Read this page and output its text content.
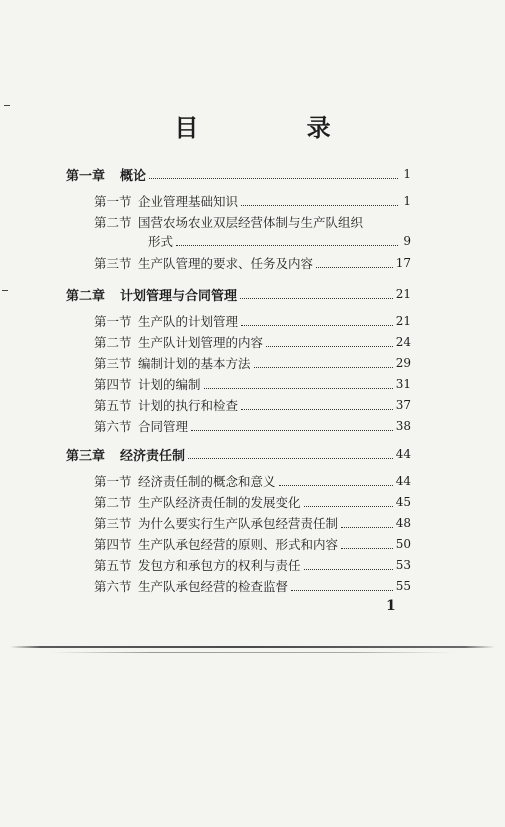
目 录
第一章	概论	1
第一节 企业管理基础知识	1
第二节 国营农场农业双层经营体制与生产队组织
形式	9
第三节 生产队管理的要求、任务及内容	17
第二章	计划管理与合同管理	21
第一节 生产队的计划管理	21
第二节 生产队计划管理的内容	24
第三节 编制计划的基本方法	29
第四节 计划的编制	31
第五节 计划的执行和检查	37
第六节 合同管理	38
第三章	经济责任制	44
第一节 经济责任制的概念和意义	44
第二节 生产队经济责任制的发展变化	45
第三节 为什么要实行生产队承包经营责任制	48
第四节 生产队承包经营的原则、形式和内容	50
第五节 发包方和承包方的权利与责任	53
第六节 生产队承包经营的检查监督	55
1
